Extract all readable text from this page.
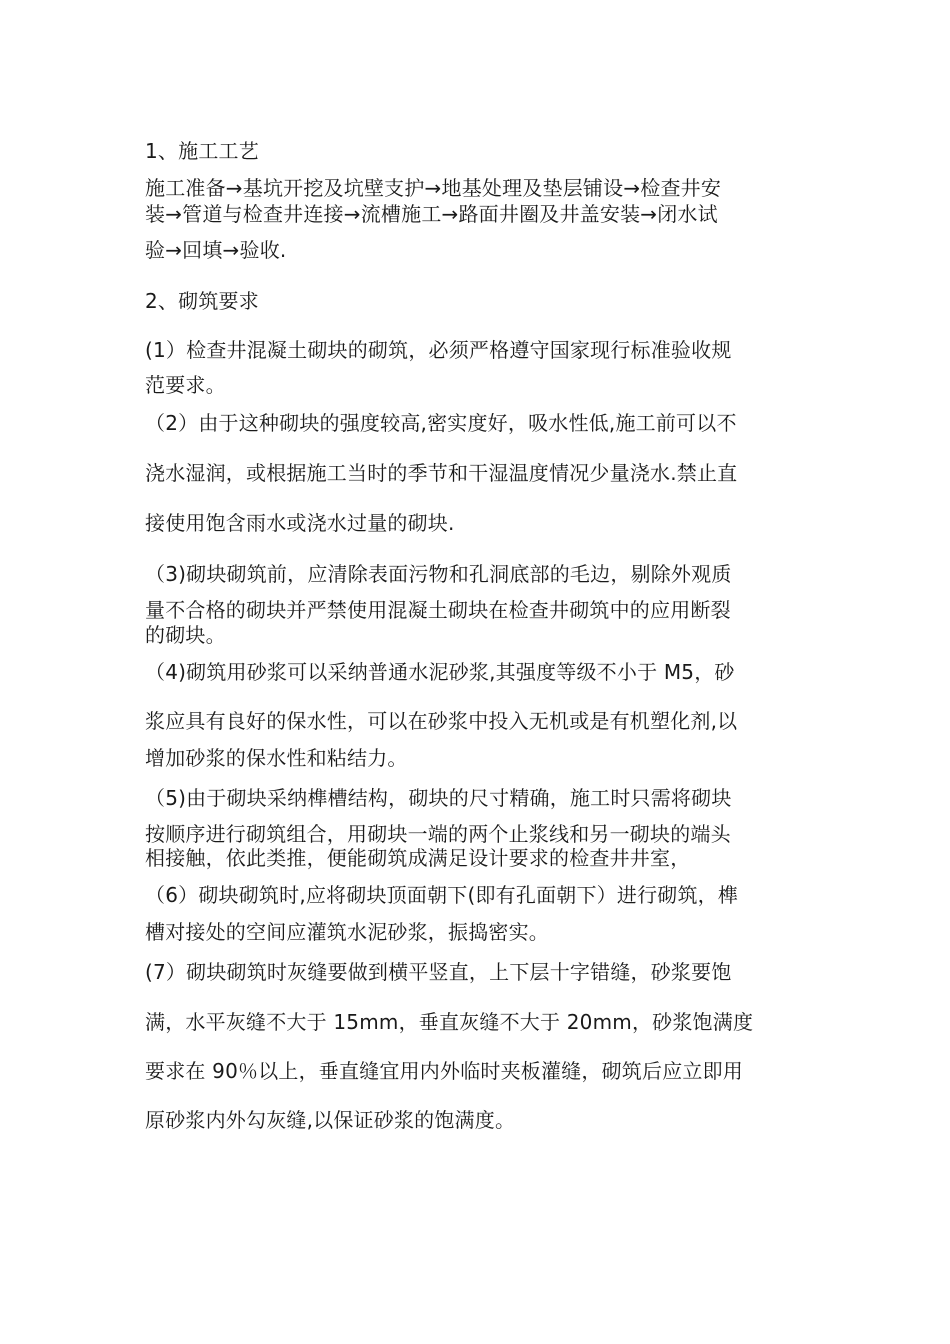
1、施工工艺

施工准备→基坑开挖及坑壁支护→地基处理及垫层铺设→检查井安

装→管道与检查井连接→流槽施工→路面井圈及井盖安装→闭水试

验→回填→验收.

2、砌筑要求

(1）检查井混凝土砌块的砌筑，必须严格遵守国家现行标准验收规

范要求。

（2）由于这种砌块的强度较高,密实度好，吸水性低,施工前可以不

浇水湿润，或根据施工当时的季节和干湿温度情况少量浇水.禁止直

接使用饱含雨水或浇水过量的砌块.

（3)砌块砌筑前，应清除表面污物和孔洞底部的毛边，剔除外观质

量不合格的砌块并严禁使用混凝土砌块在检查井砌筑中的应用断裂

的砌块。

（4)砌筑用砂浆可以采纳普通水泥砂浆,其强度等级不小于 M5，砂

浆应具有良好的保水性，可以在砂浆中投入无机或是有机塑化剂,以

增加砂浆的保水性和粘结力。

（5)由于砌块采纳榫槽结构，砌块的尺寸精确，施工时只需将砌块

按顺序进行砌筑组合，用砌块一端的两个止浆线和另一砌块的端头

相接触，依此类推，便能砌筑成满足设计要求的检查井井室，

（6）砌块砌筑时,应将砌块顶面朝下(即有孔面朝下）进行砌筑，榫

槽对接处的空间应灌筑水泥砂浆，振捣密实。

(7）砌块砌筑时灰缝要做到横平竖直，上下层十字错缝，砂浆要饱

满，水平灰缝不大于 15mm，垂直灰缝不大于 20mm，砂浆饱满度

要求在 90％以上，垂直缝宜用内外临时夹板灌缝，砌筑后应立即用

原砂浆内外勾灰缝,以保证砂浆的饱满度。
